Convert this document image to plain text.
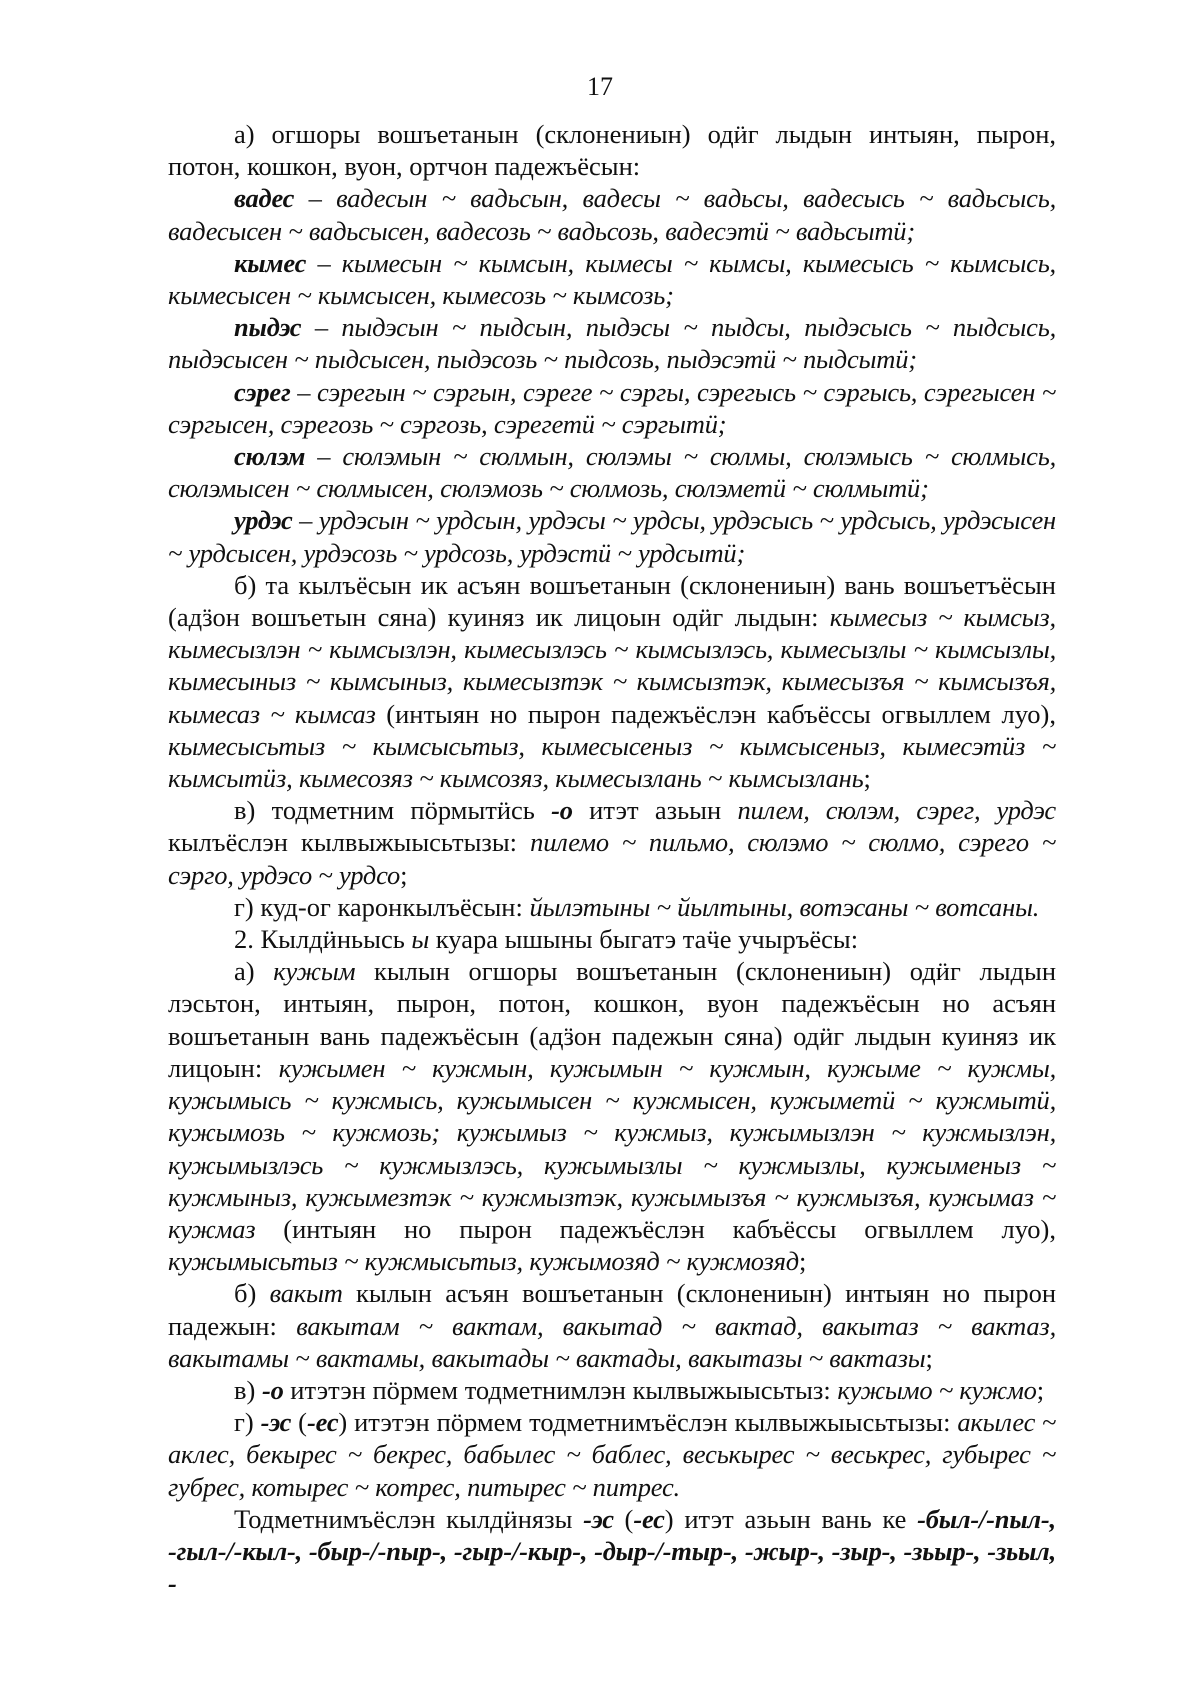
17

а) огшоры вошъетанын (склонениын) одӥг лыдын интыян, пырон, потон, кошкон, вуон, ортчон падежъёсын:

вадес – вадесын ~ вадьсын, вадесы ~ вадьсы, вадесысь ~ вадьсысь, вадесысен ~ вадьсысен, вадесозь ~ вадьсозь, вадесэтӥ ~ вадьсытӥ;

кымес – кымесын ~ кымсын, кымесы ~ кымсы, кымесысь ~ кымсысь, кымесысен ~ кымсысен, кымесозь ~ кымсозь;

пыдэс – пыдэсын ~ пыдсын, пыдэсы ~ пыдсы, пыдэсысь ~ пыдсысь, пыдэсысен ~ пыдсысен, пыдэсозь ~ пыдсозь, пыдэсэтӥ ~ пыдсытӥ;

сэрег – сэрегын ~ сэргын, сэреге ~ сэргы, сэрегысь ~ сэргысь, сэрегысен ~ сэргысен, сэрегозь ~ сэргозь, сэрегетӥ ~ сэргытӥ;

сюлэм – сюлэмын ~ сюлмын, сюлэмы ~ сюлмы, сюлэмысь ~ сюлмысь, сюлэмысен ~ сюлмысен, сюлэмозь ~ сюлмозь, сюлэметӥ ~ сюлмытӥ;

урдэс – урдэсын ~ урдсын, урдэсы ~ урдсы, урдэсысь ~ урдсысь, урдэсысен ~ урдсысен, урдэсозь ~ урдсозь, урдэстӥ ~ урдсытӥ;

б) та кылъёсын ик асъян вошъетанын (склонениын) вань вошъетъёсын (адӟон вошъетын сяна) куиняз ик лицоын одӥг лыдын: кымесыз ~ кымсыз, кымесызлэн ~ кымсызлэн, кымесызлэсь ~ кымсызлэсь, кымесызлы ~ кымсызлы, кымесыныз ~ кымсыныз, кымесызтэк ~ кымсызтэк, кымесызъя ~ кымсызъя, кымесаз ~ кымсаз (интыян но пырон падежъёслэн кабъёссы огвыллем луо), кымесысьтыз ~ кымсысьтыз, кымесысеныз ~ кымсысеныз, кымесэтӥз ~ кымсытӥз, кымесозяз ~ кымсозяз, кымесызлань ~ кымсызлань;

в) тодметним пӧрмытӥсь -о итэт азьын пилем, сюлэм, сэрег, урдэс кылъёслэн кылвыжыысьтызы: пилемо ~ пильмо, сюлэмо ~ сюлмо, сэрего ~ сэрго, урдэсо ~ урдсо;

г) куд-ог каронкылъёсын: йылэтыны ~ йылтыны, вотэсаны ~ вотсаны.

2. Кылдӥньысь ы куара ышыны быгатэ таӵе учыръёсы:

а) кужым кылын огшоры вошъетанын (склонениын) одӥг лыдын лэсьтон, интыян, пырон, потон, кошкон, вуон падежъёсын но асъян вошъетанын вань падежъёсын (адӟон падежын сяна) одӥг лыдын куиняз ик лицоын: кужымен ~ кужмын, кужымын ~ кужмын, кужыме ~ кужмы, кужымысь ~ кужмысь, кужымысен ~ кужмысен, кужыметӥ ~ кужмытӥ, кужымозь ~ кужмозь; кужымыз ~ кужмыз, кужымызлэн ~ кужмызлэн, кужымызлэсь ~ кужмызлэсь, кужымызлы ~ кужмызлы, кужыменыз ~ кужмыныз, кужымезтэк ~ кужмызтэк, кужымызъя ~ кужмызъя, кужымаз ~ кужмаз (интыян но пырон падежъёслэн кабъёссы огвыллем луо), кужымысьтыз ~ кужмысьтыз, кужымозяд ~ кужмозяд;

б) вакыт кылын асъян вошъетанын (склонениын) интыян но пырон падежын: вакытам ~ вактам, вакытад ~ вактад, вакытаз ~ вактаз, вакытамы ~ вактамы, вакытады ~ вактады, вакытазы ~ вактазы;

в) -о итэтэн пӧрмем тодметнимлэн кылвыжыысьтыз: кужымо ~ кужмо;

г) -эс (-ес) итэтэн пӧрмем тодметнимъёслэн кылвыжыысьтызы: акылес ~ аклес, бекырес ~ бекрес, бабылес ~ баблес, веськырес ~ веськрес, губырес ~ губрес, котырес ~ котрес, питырес ~ питрес.

Тодметнимъёслэн кылдӥнязы -эс (-ес) итэт азьын вань ке -был-/-пыл-, -гыл-/-кыл-, -быр-/-пыр-, -гыр-/-кыр-, -дыр-/-тыр-, -жыр-, -зыр-, -зьыр-, -зьыл, -
